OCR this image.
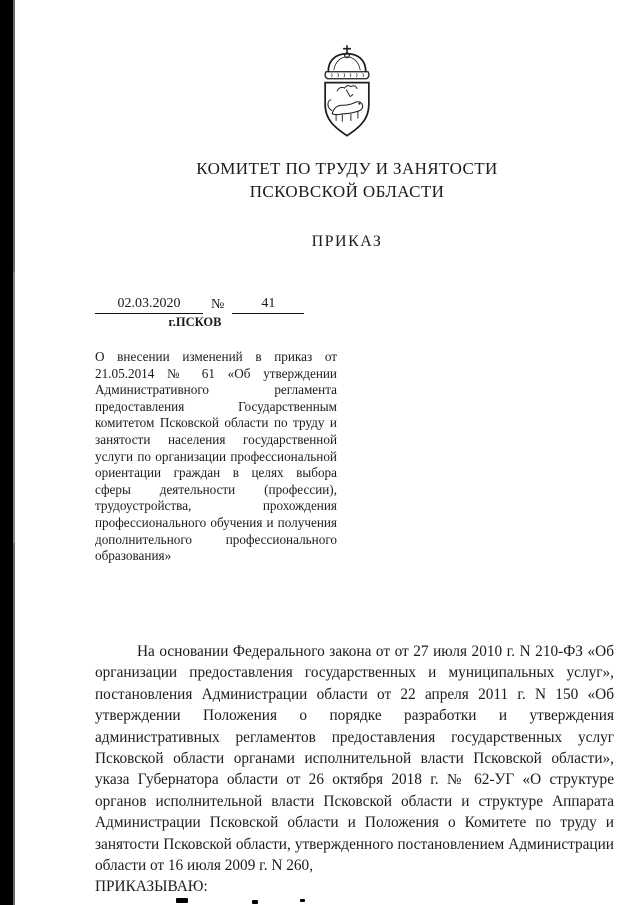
КОМИТЕТ ПО ТРУДУ И ЗАНЯТОСТИ
ПСКОВСКОЙ ОБЛАСТИ
ПРИКАЗ
02.03.2020	№	41
г.ПСКОВ
О внесении изменений в приказ от 21.05.2014 № 61 «Об утверждении Административного регламента предоставления Государственным комитетом Псковской области по труду и занятости населения государственной услуги по организации профессиональной ориентации граждан в целях выбора сферы деятельности (профессии), трудоустройства, прохождения профессионального обучения и получения дополнительного профессионального образования»

На основании Федерального закона от от 27 июля 2010 г. N 210-ФЗ «Об организации предоставления государственных и муниципальных услуг», постановления Администрации области от 22 апреля 2011 г. N 150 «Об утверждении Положения о порядке разработки и утверждения административных регламентов предоставления государственных услуг Псковской области органами исполнительной власти Псковской области», указа Губернатора области от 26 октября 2018 г. № 62-УГ «О структуре органов исполнительной власти Псковской области и структуре Аппарата Администрации Псковской области и Положения о Комитете по труду и занятости Псковской области, утвержденного постановлением Администрации области от 16 июля 2009 г. N 260,

ПРИКАЗЫВАЮ:
